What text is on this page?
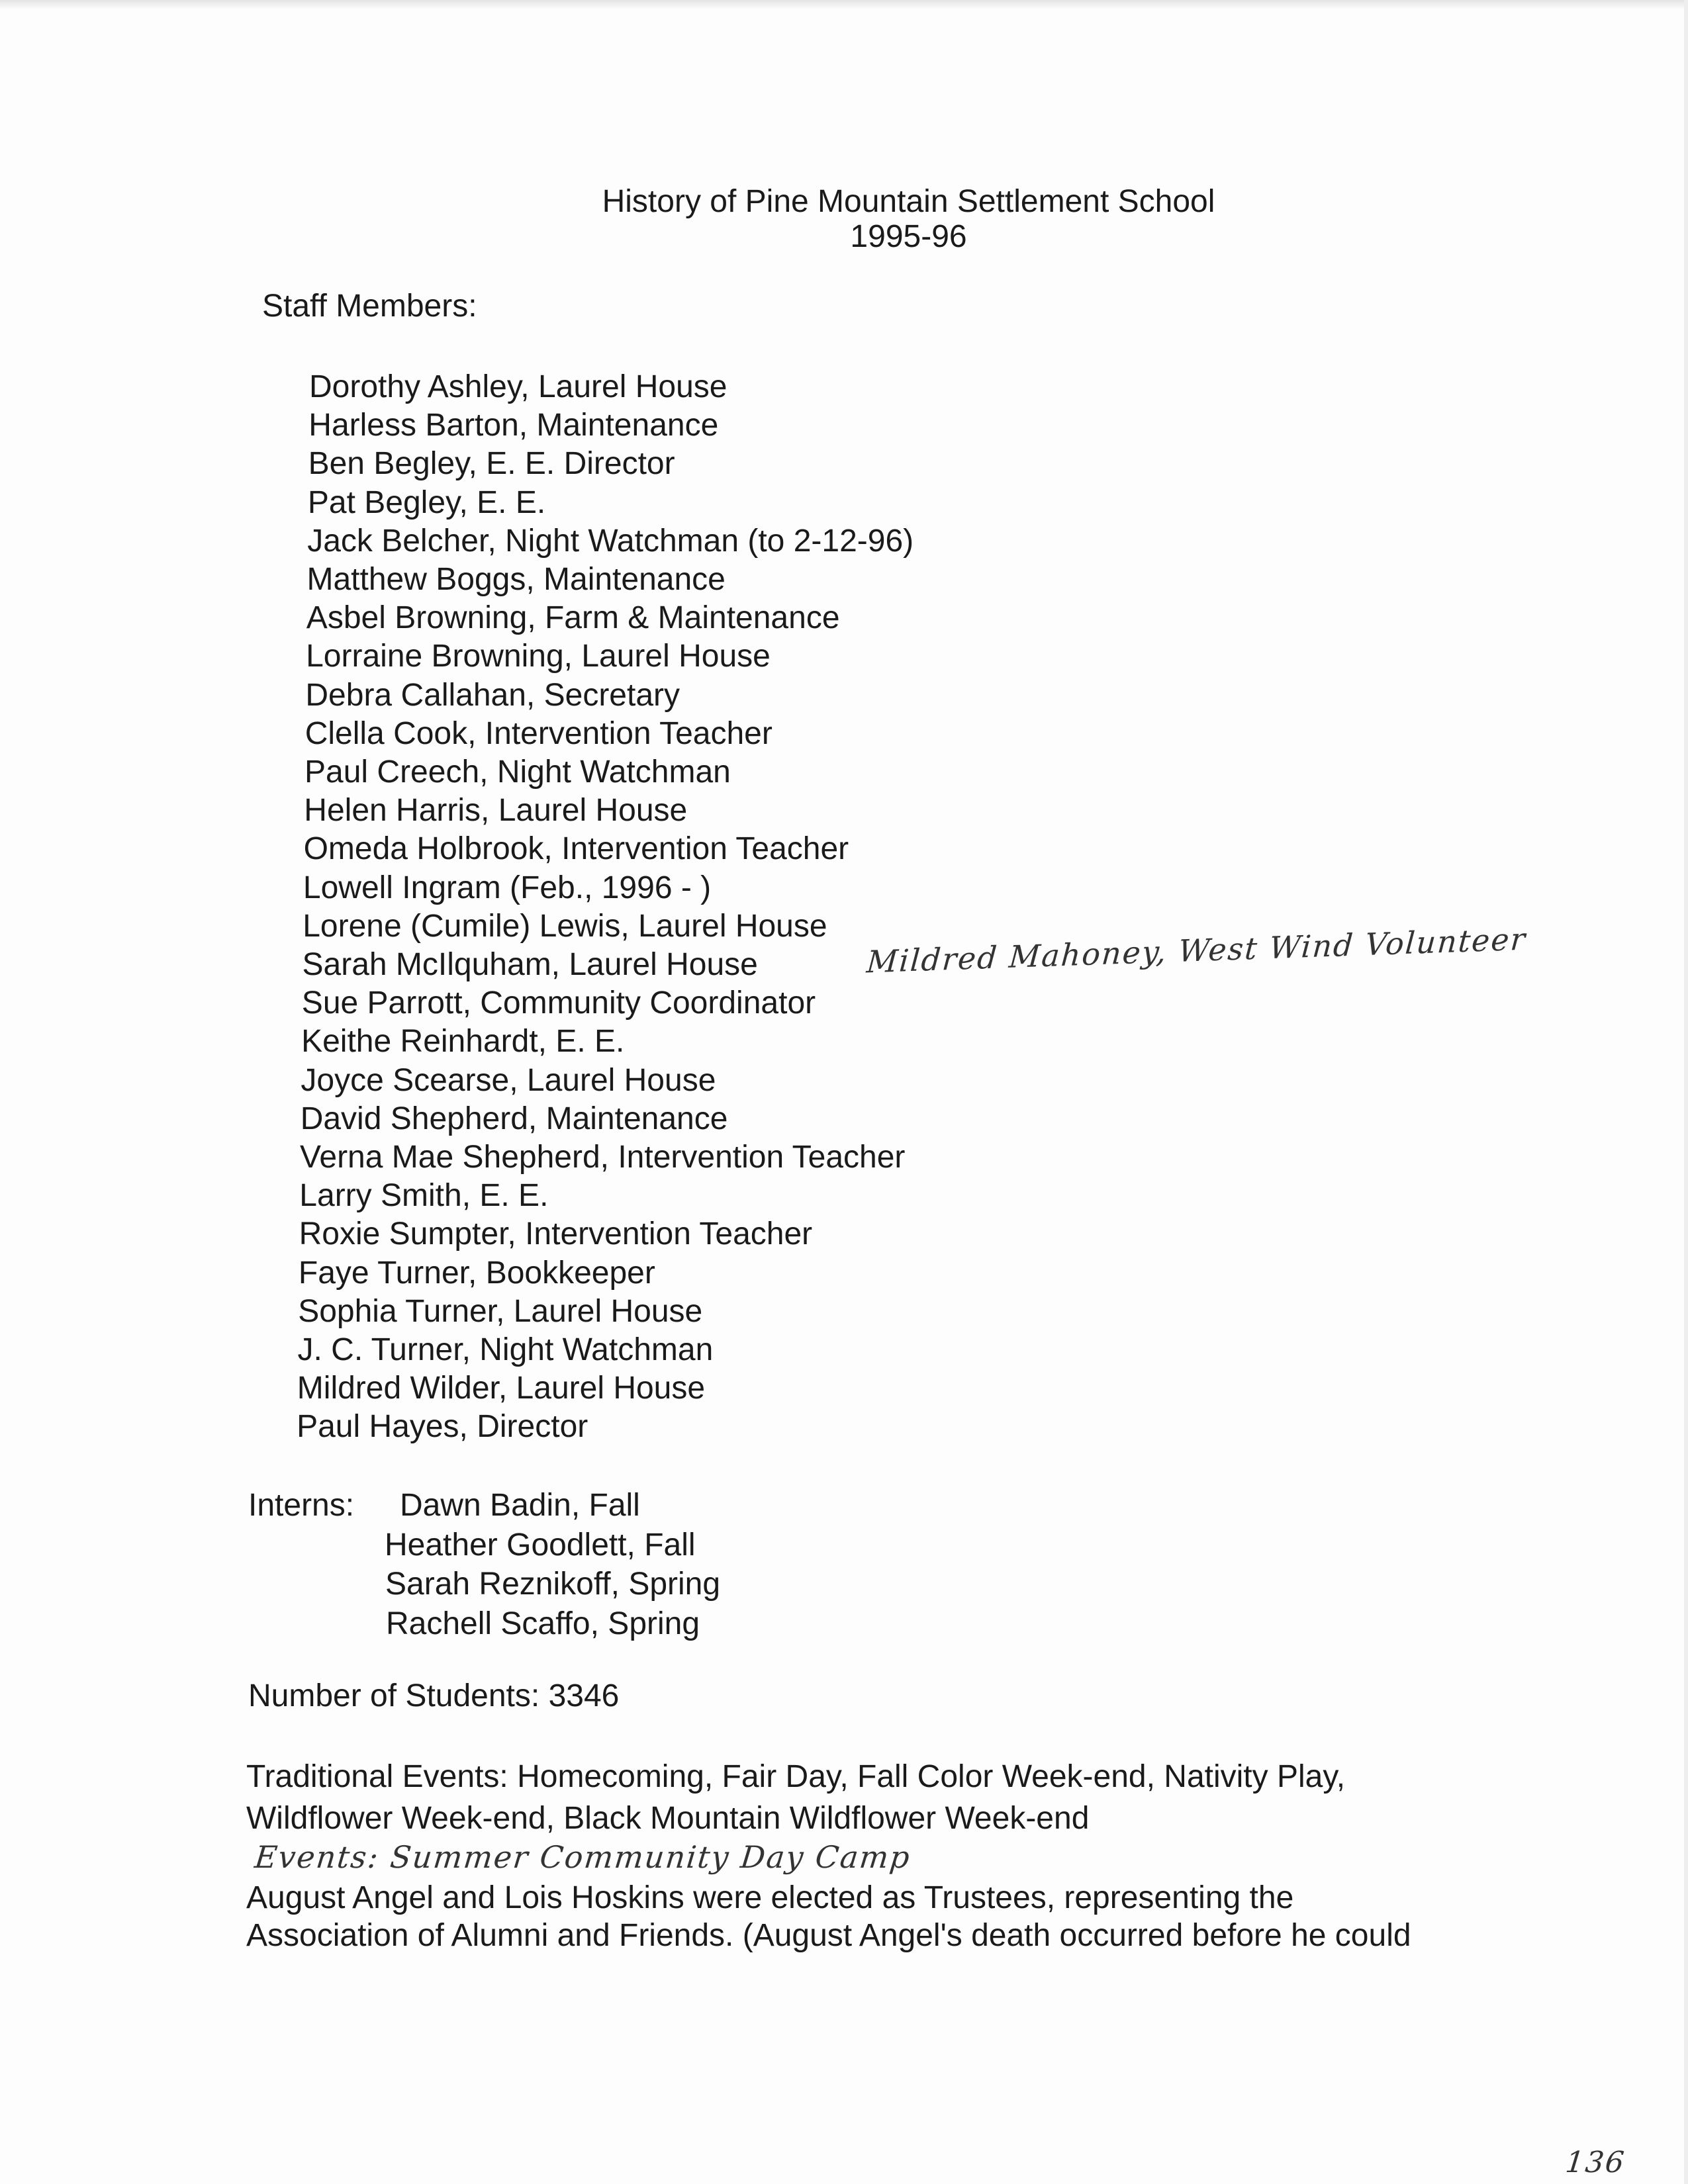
History of Pine Mountain Settlement School
1995-96
Staff Members:
Dorothy Ashley, Laurel House
Harless Barton, Maintenance
Ben Begley, E. E. Director
Pat Begley, E. E.
Jack Belcher, Night Watchman (to 2-12-96)
Matthew Boggs, Maintenance
Asbel Browning, Farm & Maintenance
Lorraine Browning, Laurel House
Debra Callahan, Secretary
Clella Cook, Intervention Teacher
Paul Creech, Night Watchman
Helen Harris, Laurel House
Omeda Holbrook, Intervention Teacher
Lowell Ingram (Feb., 1996 - )
Lorene (Cumile) Lewis, Laurel House
Sarah McIlquham, Laurel House
Sue Parrott, Community Coordinator
Keithe Reinhardt, E. E.
Joyce Scearse, Laurel House
David Shepherd, Maintenance
Verna Mae Shepherd, Intervention Teacher
Larry Smith, E. E.
Roxie Sumpter, Intervention Teacher
Faye Turner, Bookkeeper
Sophia Turner, Laurel House
J. C. Turner, Night Watchman
Mildred Wilder, Laurel House
Paul Hayes, Director
Mildred Mahoney, West Wind Volunteer
Interns: Dawn Badin, Fall
Heather Goodlett, Fall
Sarah Reznikoff, Spring
Rachell Scaffo, Spring
Number of Students: 3346
Traditional Events: Homecoming, Fair Day, Fall Color Week-end, Nativity Play,
Wildflower Week-end, Black Mountain Wildflower Week-end
Events: Summer Community Day Camp
August Angel and Lois Hoskins were elected as Trustees, representing the
Association of Alumni and Friends. (August Angel's death occurred before he could
136
